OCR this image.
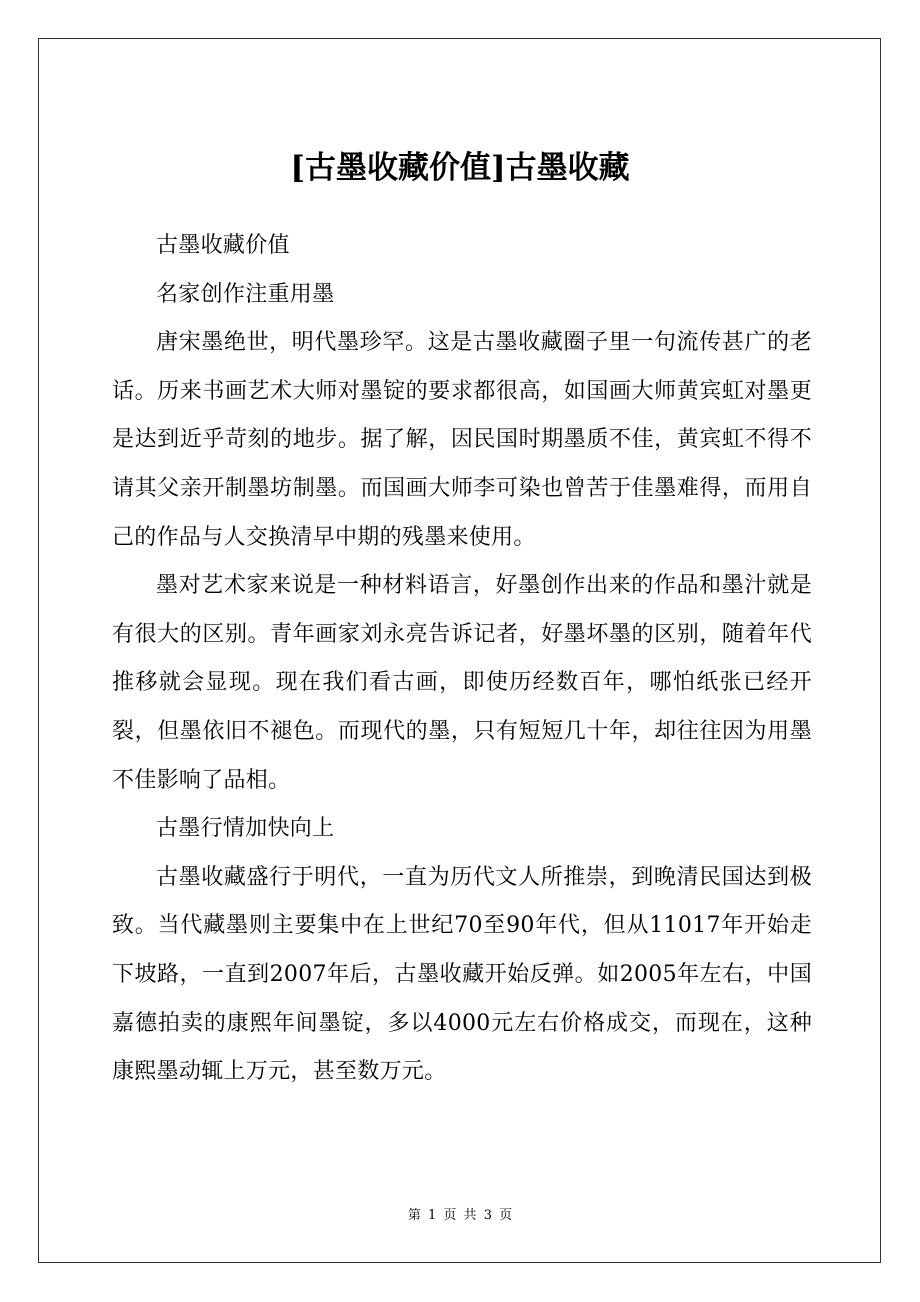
[古墨收藏价值]古墨收藏

古墨收藏价值

名家创作注重用墨

唐宋墨绝世，明代墨珍罕。这是古墨收藏圈子里一句流传甚广的老话。历来书画艺术大师对墨锭的要求都很高，如国画大师黄宾虹对墨更是达到近乎苛刻的地步。据了解，因民国时期墨质不佳，黄宾虹不得不请其父亲开制墨坊制墨。而国画大师李可染也曾苦于佳墨难得，而用自己的作品与人交换清早中期的残墨来使用。

墨对艺术家来说是一种材料语言，好墨创作出来的作品和墨汁就是有很大的区别。青年画家刘永亮告诉记者，好墨坏墨的区别，随着年代推移就会显现。现在我们看古画，即使历经数百年，哪怕纸张已经开裂，但墨依旧不褪色。而现代的墨，只有短短几十年，却往往因为用墨不佳影响了品相。

古墨行情加快向上

古墨收藏盛行于明代，一直为历代文人所推崇，到晚清民国达到极致。当代藏墨则主要集中在上世纪70至90年代，但从11017年开始走下坡路，一直到2007年后，古墨收藏开始反弹。如2005年左右，中国嘉德拍卖的康熙年间墨锭，多以4000元左右价格成交，而现在，这种康熙墨动辄上万元，甚至数万元。

第 1 页 共 3 页
